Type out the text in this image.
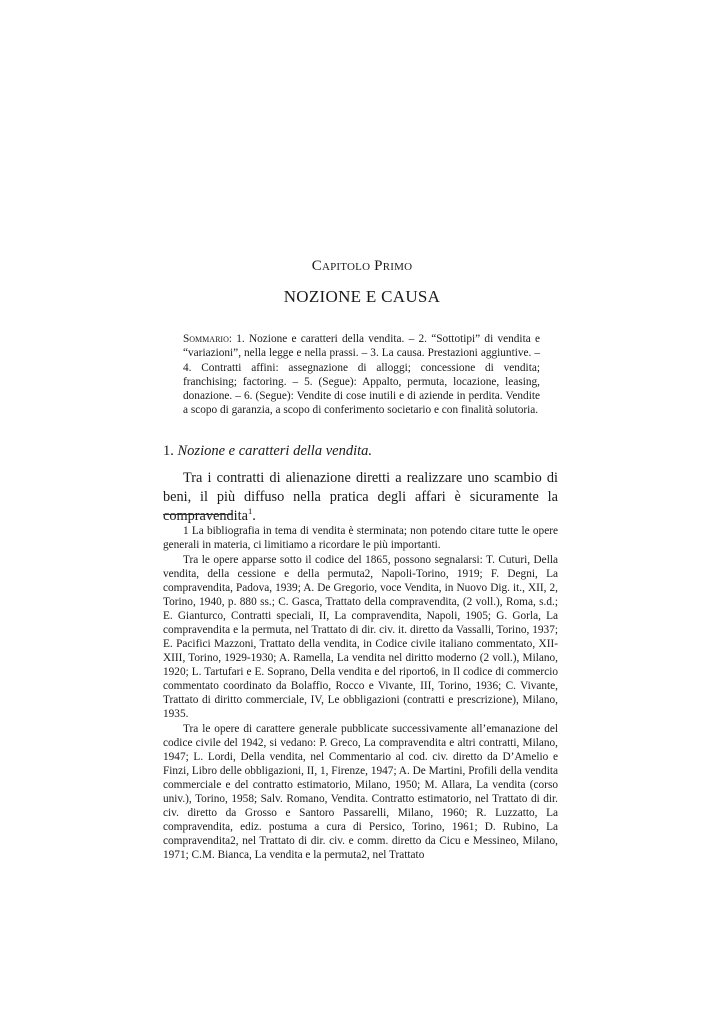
Capitolo Primo
NOZIONE E CAUSA

Sommario: 1. Nozione e caratteri della vendita. – 2. “Sottotipi” di vendita e “variazioni”, nella legge e nella prassi. – 3. La causa. Prestazioni aggiuntive. – 4. Contratti affini: assegnazione di alloggi; concessione di vendita; franchising; factoring. – 5. (Segue): Appalto, permuta, locazione, leasing, donazione. – 6. (Segue): Vendite di cose inutili e di aziende in perdita. Vendite a scopo di garanzia, a scopo di conferimento societario e con finalità solutoria.

1. Nozione e caratteri della vendita.

Tra i contratti di alienazione diretti a realizzare uno scambio di beni, il più diffuso nella pratica degli affari è sicuramente la compravendita$^1$.

1 La bibliografia in tema di vendita è sterminata; non potendo citare tutte le opere generali in materia, ci limitiamo a ricordare le più importanti.

Tra le opere apparse sotto il codice del 1865, possono segnalarsi: T. Cuturi, Della vendita, della cessione e della permuta2, Napoli-Torino, 1919; F. Degni, La compravendita, Padova, 1939; A. De Gregorio, voce Vendita, in Nuovo Dig. it., XII, 2, Torino, 1940, p. 880 ss.; C. Gasca, Trattato della compravendita, (2 voll.), Roma, s.d.; E. Gianturco, Contratti speciali, II, La compravendita, Napoli, 1905; G. Gorla, La compravendita e la permuta, nel Trattato di dir. civ. it. diretto da Vassalli, Torino, 1937; E. Pacifici Mazzoni, Trattato della vendita, in Codice civile italiano commentato, XII-XIII, Torino, 1929-1930; A. Ramella, La vendita nel diritto moderno (2 voll.), Milano, 1920; L. Tartufari e E. Soprano, Della vendita e del riporto6, in Il codice di commercio commentato coordinato da Bolaffio, Rocco e Vivante, III, Torino, 1936; C. Vivante, Trattato di diritto commerciale, IV, Le obbligazioni (contratti e prescrizione), Milano, 1935.

Tra le opere di carattere generale pubblicate successivamente all’emanazione del codice civile del 1942, si vedano: P. Greco, La compravendita e altri contratti, Milano, 1947; L. Lordi, Della vendita, nel Commentario al cod. civ. diretto da D’Amelio e Finzi, Libro delle obbligazioni, II, 1, Firenze, 1947; A. De Martini, Profili della vendita commerciale e del contratto estimatorio, Milano, 1950; M. Allara, La vendita (corso univ.), Torino, 1958; Salv. Romano, Vendita. Contratto estimatorio, nel Trattato di dir. civ. diretto da Grosso e Santoro Passarelli, Milano, 1960; R. Luzzatto, La compravendita, ediz. postuma a cura di Persico, Torino, 1961; D. Rubino, La compravendita2, nel Trattato di dir. civ. e comm. diretto da Cicu e Messineo, Milano, 1971; C.M. Bianca, La vendita e la permuta2, nel Trattato
